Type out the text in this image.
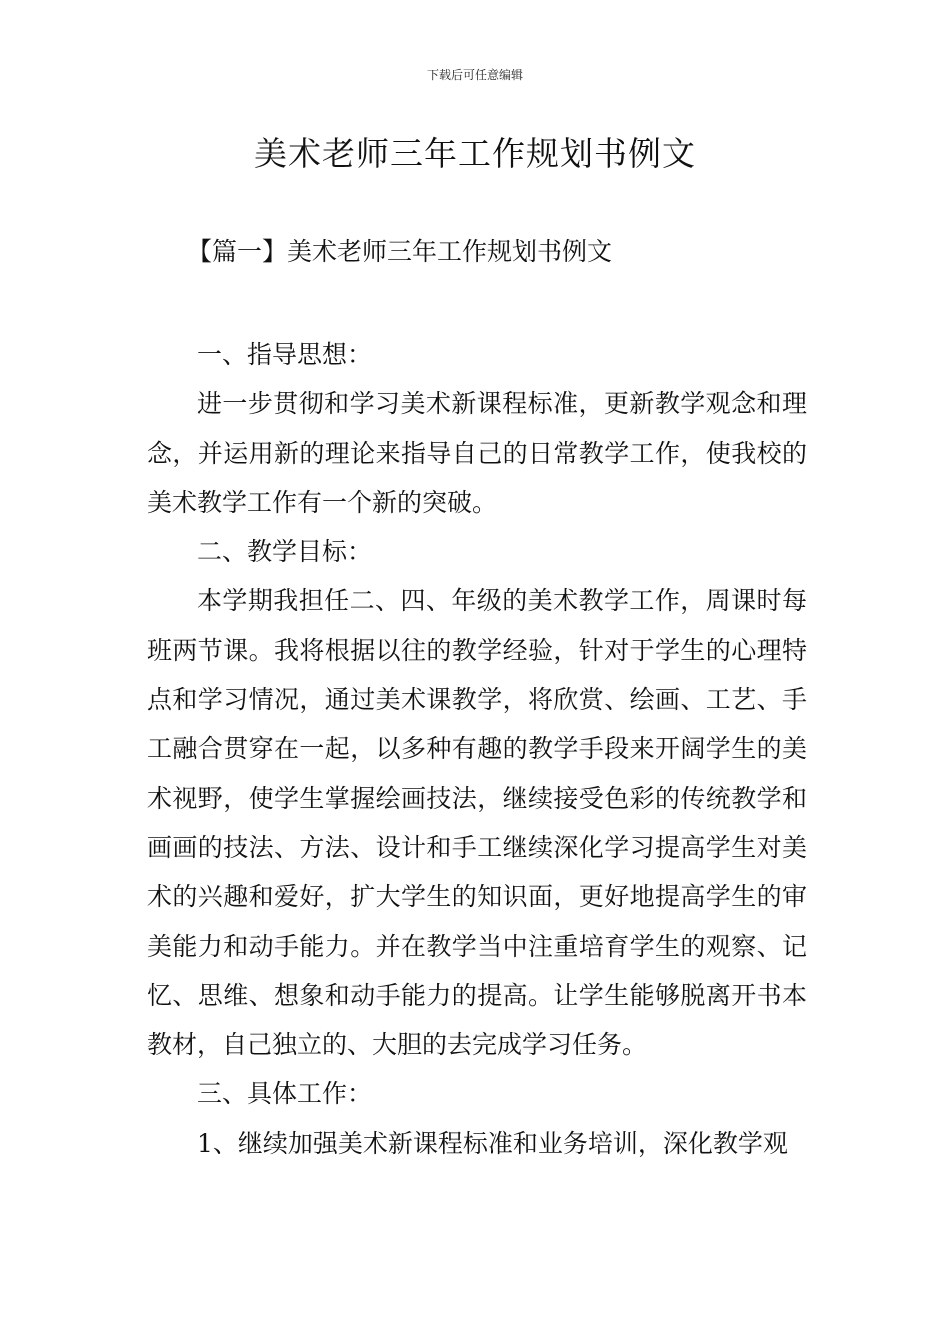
下载后可任意编辑
美术老师三年工作规划书例文
【篇一】美术老师三年工作规划书例文

一、指导思想：

进一步贯彻和学习美术新课程标准，更新教学观念和理念，并运用新的理论来指导自己的日常教学工作，使我校的美术教学工作有一个新的突破。

二、教学目标：

本学期我担任二、四、年级的美术教学工作，周课时每班两节课。我将根据以往的教学经验，针对于学生的心理特点和学习情况，通过美术课教学，将欣赏、绘画、工艺、手工融合贯穿在一起，以多种有趣的教学手段来开阔学生的美术视野，使学生掌握绘画技法，继续接受色彩的传统教学和画画的技法、方法、设计和手工继续深化学习提高学生对美术的兴趣和爱好，扩大学生的知识面，更好地提高学生的审美能力和动手能力。并在教学当中注重培育学生的观察、记忆、思维、想象和动手能力的提高。让学生能够脱离开书本教材，自己独立的、大胆的去完成学习任务。

三、具体工作：

1、继续加强美术新课程标准和业务培训，深化教学观
